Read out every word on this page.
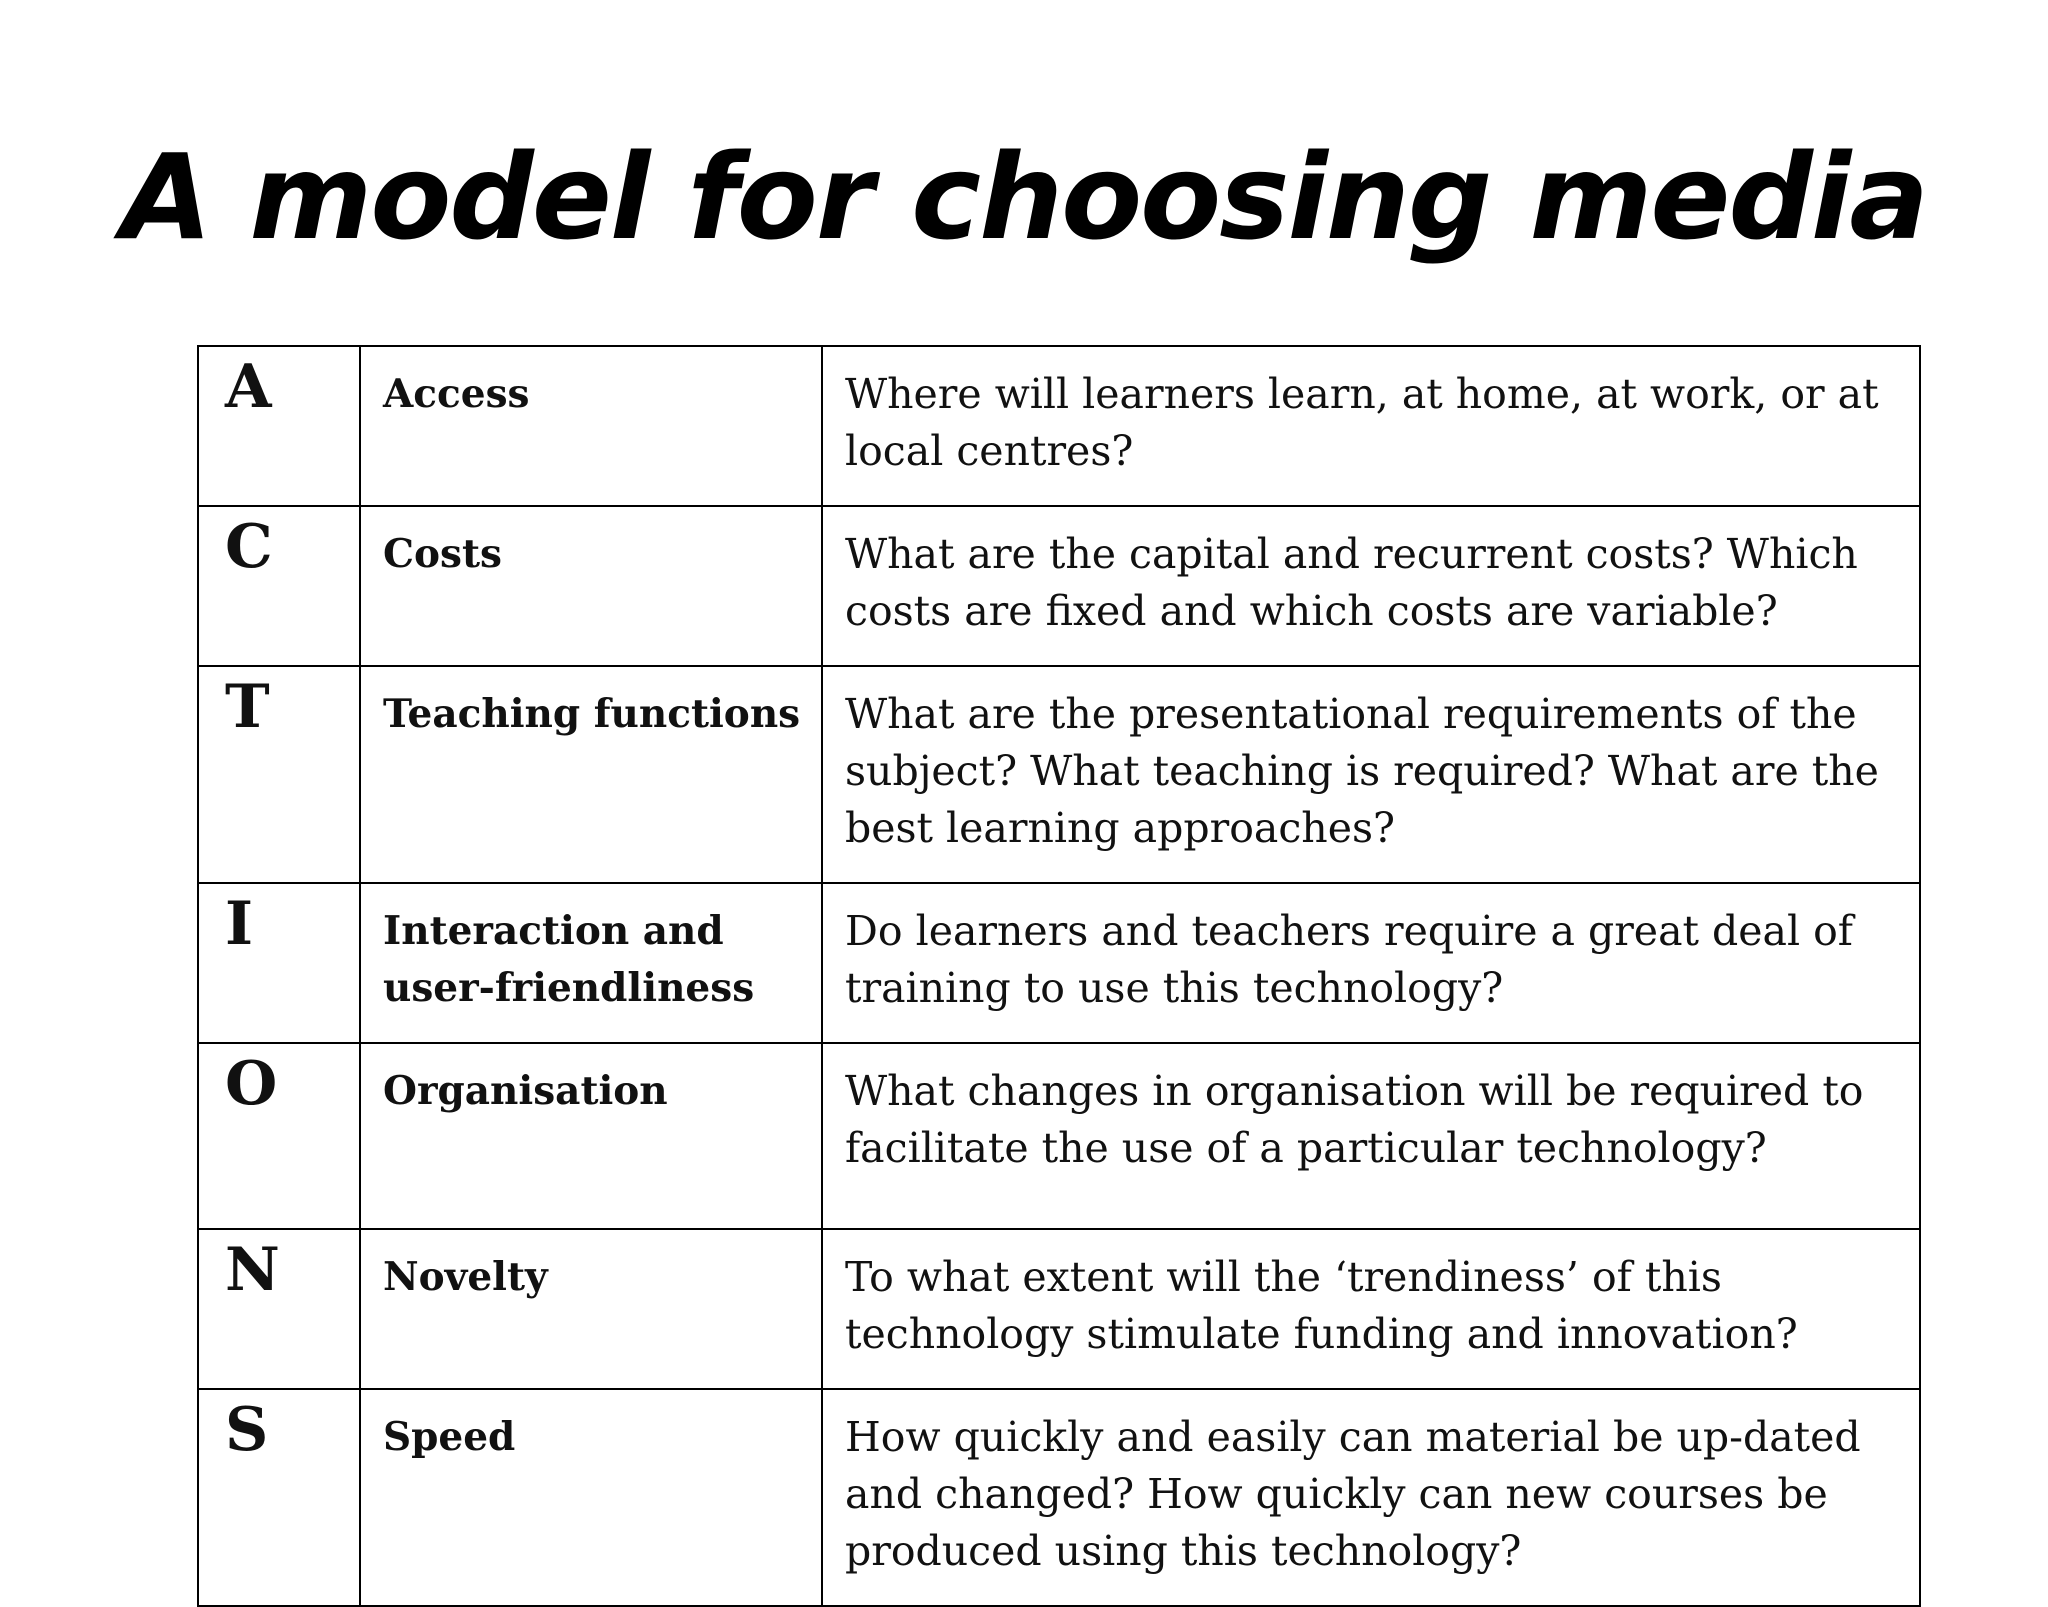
A model for choosing media
A	Access	Where will learners learn, at home, at work, or at local centres?
C	Costs	What are the capital and recurrent costs? Which costs are fixed and which costs are variable?
T	Teaching functions	What are the presentational requirements of the subject? What teaching is required? What are the best learning approaches?
I	Interaction and user-friendliness	Do learners and teachers require a great deal of training to use this technology?
O	Organisation	What changes in organisation will be required to facilitate the use of a particular technology?
N	Novelty	To what extent will the ‘trendiness’ of this technology stimulate funding and innovation?
S	Speed	How quickly and easily can material be up-dated and changed? How quickly can new courses be produced using this technology?
